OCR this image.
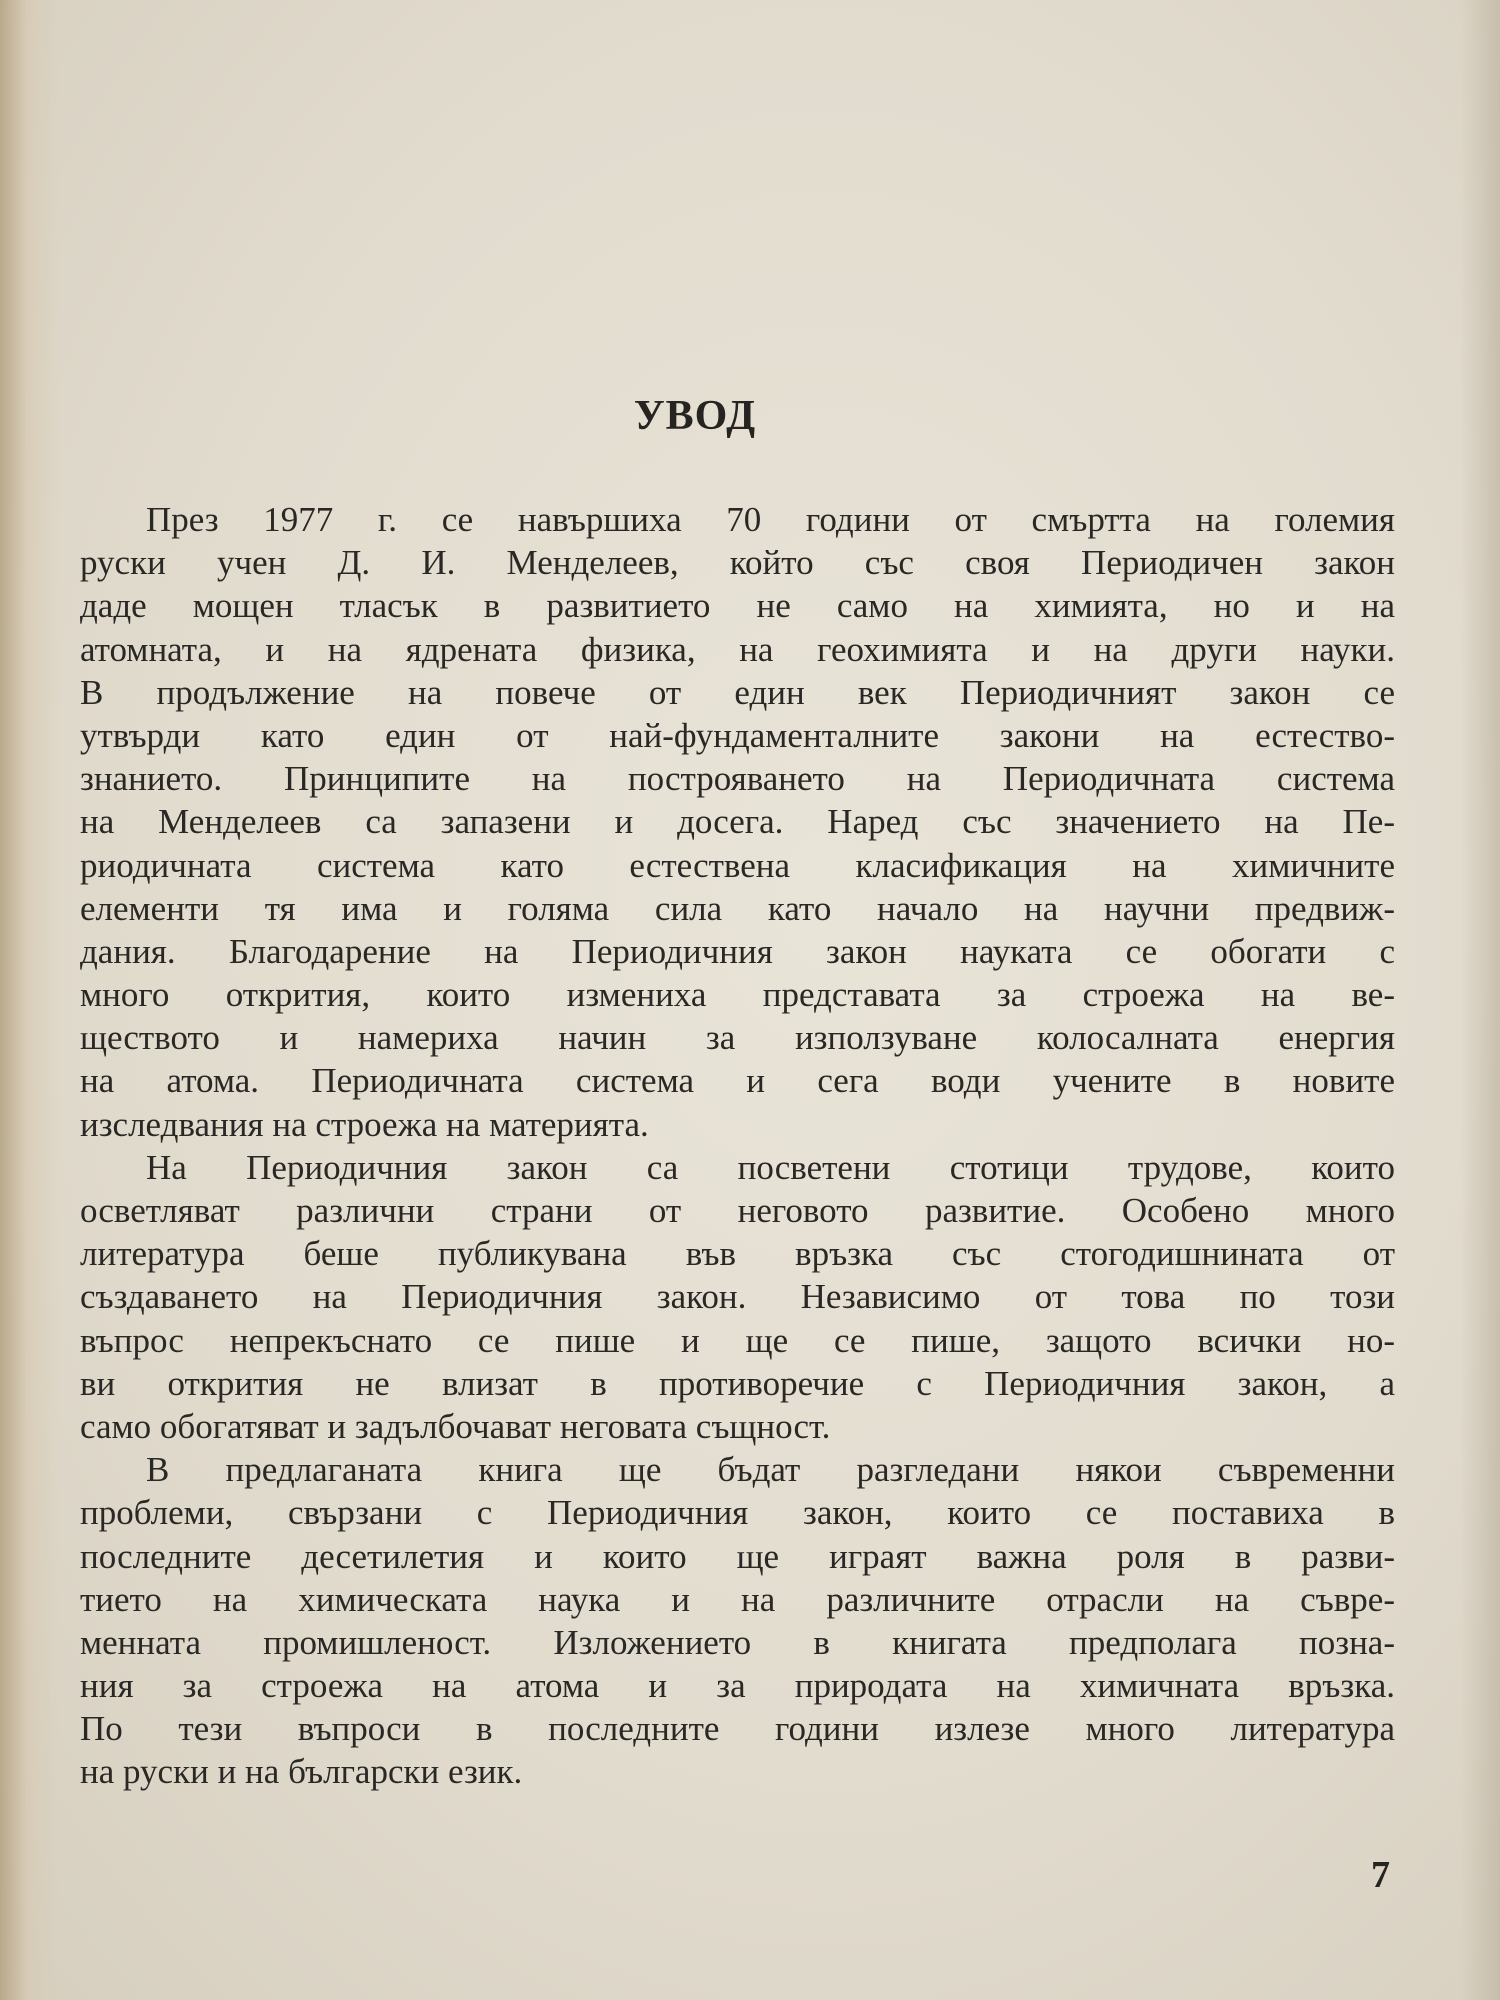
УВОД

През 1977 г. се навършиха 70 години от смъртта на големия
руски учен Д. И. Менделеев, който със своя Периодичен закон
даде мощен тласък в развитието не само на химията, но и на
атомната, и на ядрената физика, на геохимията и на други науки.
В продължение на повече от един век Периодичният закон се
утвърди като един от най-фундаменталните закони на естество-
знанието. Принципите на построяването на Периодичната система
на Менделеев са запазени и досега. Наред със значението на Пе-
риодичната система като естествена класификация на химичните
елементи тя има и голяма сила като начало на научни предвиж-
дания. Благодарение на Периодичния закон науката се обогати с
много открития, които измениха представата за строежа на ве-
ществото и намериха начин за използуване колосалната енергия
на атома. Периодичната система и сега води учените в новите
изследвания на строежа на материята.

На Периодичния закон са посветени стотици трудове, които
осветляват различни страни от неговото развитие. Особено много
литература беше публикувана във връзка със стогодишнината от
създаването на Периодичния закон. Независимо от това по този
въпрос непрекъснато се пише и ще се пише, защото всички но-
ви открития не влизат в противоречие с Периодичния закон, а
само обогатяват и задълбочават неговата същност.

В предлаганата книга ще бъдат разгледани някои съвременни
проблеми, свързани с Периодичния закон, които се поставиха в
последните десетилетия и които ще играят важна роля в разви-
тието на химическата наука и на различните отрасли на съвре-
менната промишленост. Изложението в книгата предполага позна-
ния за строежа на атома и за природата на химичната връзка.
По тези въпроси в последните години излезе много литература
на руски и на български език.

7
